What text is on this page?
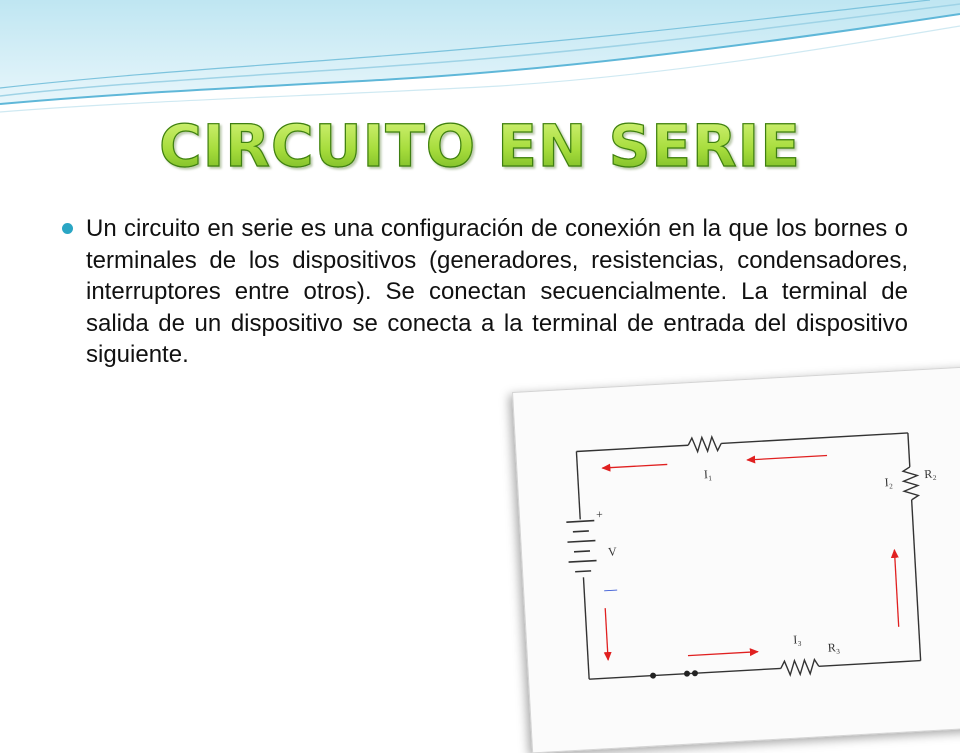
CIRCUITO EN SERIE

Un circuito en serie es una configuración de conexión en la que los bornes o terminales de los dispositivos (generadores, resistencias, condensadores, interruptores entre otros). Se conectan secuencialmente. La terminal de salida de un dispositivo se conecta a la terminal de entrada del dispositivo siguiente.

+
V
I₁
I₂
R₂
I₃
R₃
—
